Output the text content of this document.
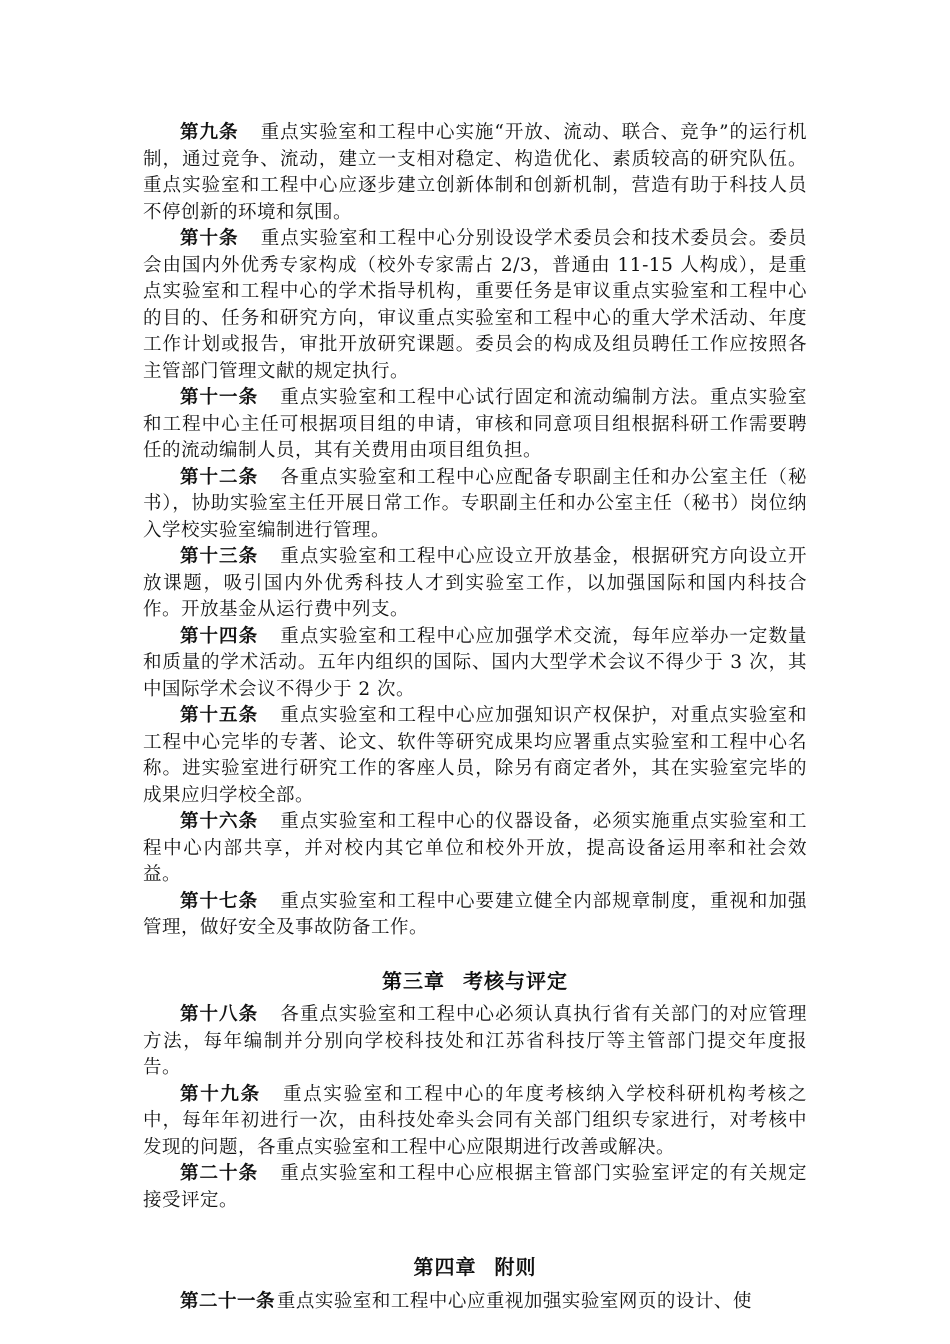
第九条 重点实验室和工程中心实施“开放、流动、联合、竞争”的运行机制，通过竞争、流动，建立一支相对稳定、构造优化、素质较高的研究队伍。重点实验室和工程中心应逐步建立创新体制和创新机制，营造有助于科技人员不停创新的环境和氛围。

第十条 重点实验室和工程中心分别设设学术委员会和技术委员会。委员会由国内外优秀专家构成（校外专家需占 2/3，普通由 11-15 人构成），是重点实验室和工程中心的学术指导机构，重要任务是审议重点实验室和工程中心的目的、任务和研究方向，审议重点实验室和工程中心的重大学术活动、年度工作计划或报告，审批开放研究课题。委员会的构成及组员聘任工作应按照各主管部门管理文献的规定执行。

第十一条 重点实验室和工程中心试行固定和流动编制方法。重点实验室和工程中心主任可根据项目组的申请，审核和同意项目组根据科研工作需要聘任的流动编制人员，其有关费用由项目组负担。

第十二条 各重点实验室和工程中心应配备专职副主任和办公室主任（秘书），协助实验室主任开展日常工作。专职副主任和办公室主任（秘书）岗位纳入学校实验室编制进行管理。

第十三条 重点实验室和工程中心应设立开放基金，根据研究方向设立开放课题，吸引国内外优秀科技人才到实验室工作，以加强国际和国内科技合作。开放基金从运行费中列支。

第十四条 重点实验室和工程中心应加强学术交流，每年应举办一定数量和质量的学术活动。五年内组织的国际、国内大型学术会议不得少于 3 次，其中国际学术会议不得少于 2 次。

第十五条 重点实验室和工程中心应加强知识产权保护，对重点实验室和工程中心完毕的专著、论文、软件等研究成果均应署重点实验室和工程中心名称。进实验室进行研究工作的客座人员，除另有商定者外，其在实验室完毕的成果应归学校全部。

第十六条 重点实验室和工程中心的仪器设备，必须实施重点实验室和工程中心内部共享，并对校内其它单位和校外开放，提高设备运用率和社会效益。

第十七条 重点实验室和工程中心要建立健全内部规章制度，重视和加强管理，做好安全及事故防备工作。

第三章 考核与评定

第十八条 各重点实验室和工程中心必须认真执行省有关部门的对应管理方法，每年编制并分别向学校科技处和江苏省科技厅等主管部门提交年度报告。

第十九条 重点实验室和工程中心的年度考核纳入学校科研机构考核之中，每年年初进行一次，由科技处牵头会同有关部门组织专家进行，对考核中发现的问题，各重点实验室和工程中心应限期进行改善或解决。

第二十条 重点实验室和工程中心应根据主管部门实验室评定的有关规定接受评定。

第四章 附则

第二十一条重点实验室和工程中心应重视加强实验室网页的设计、使
